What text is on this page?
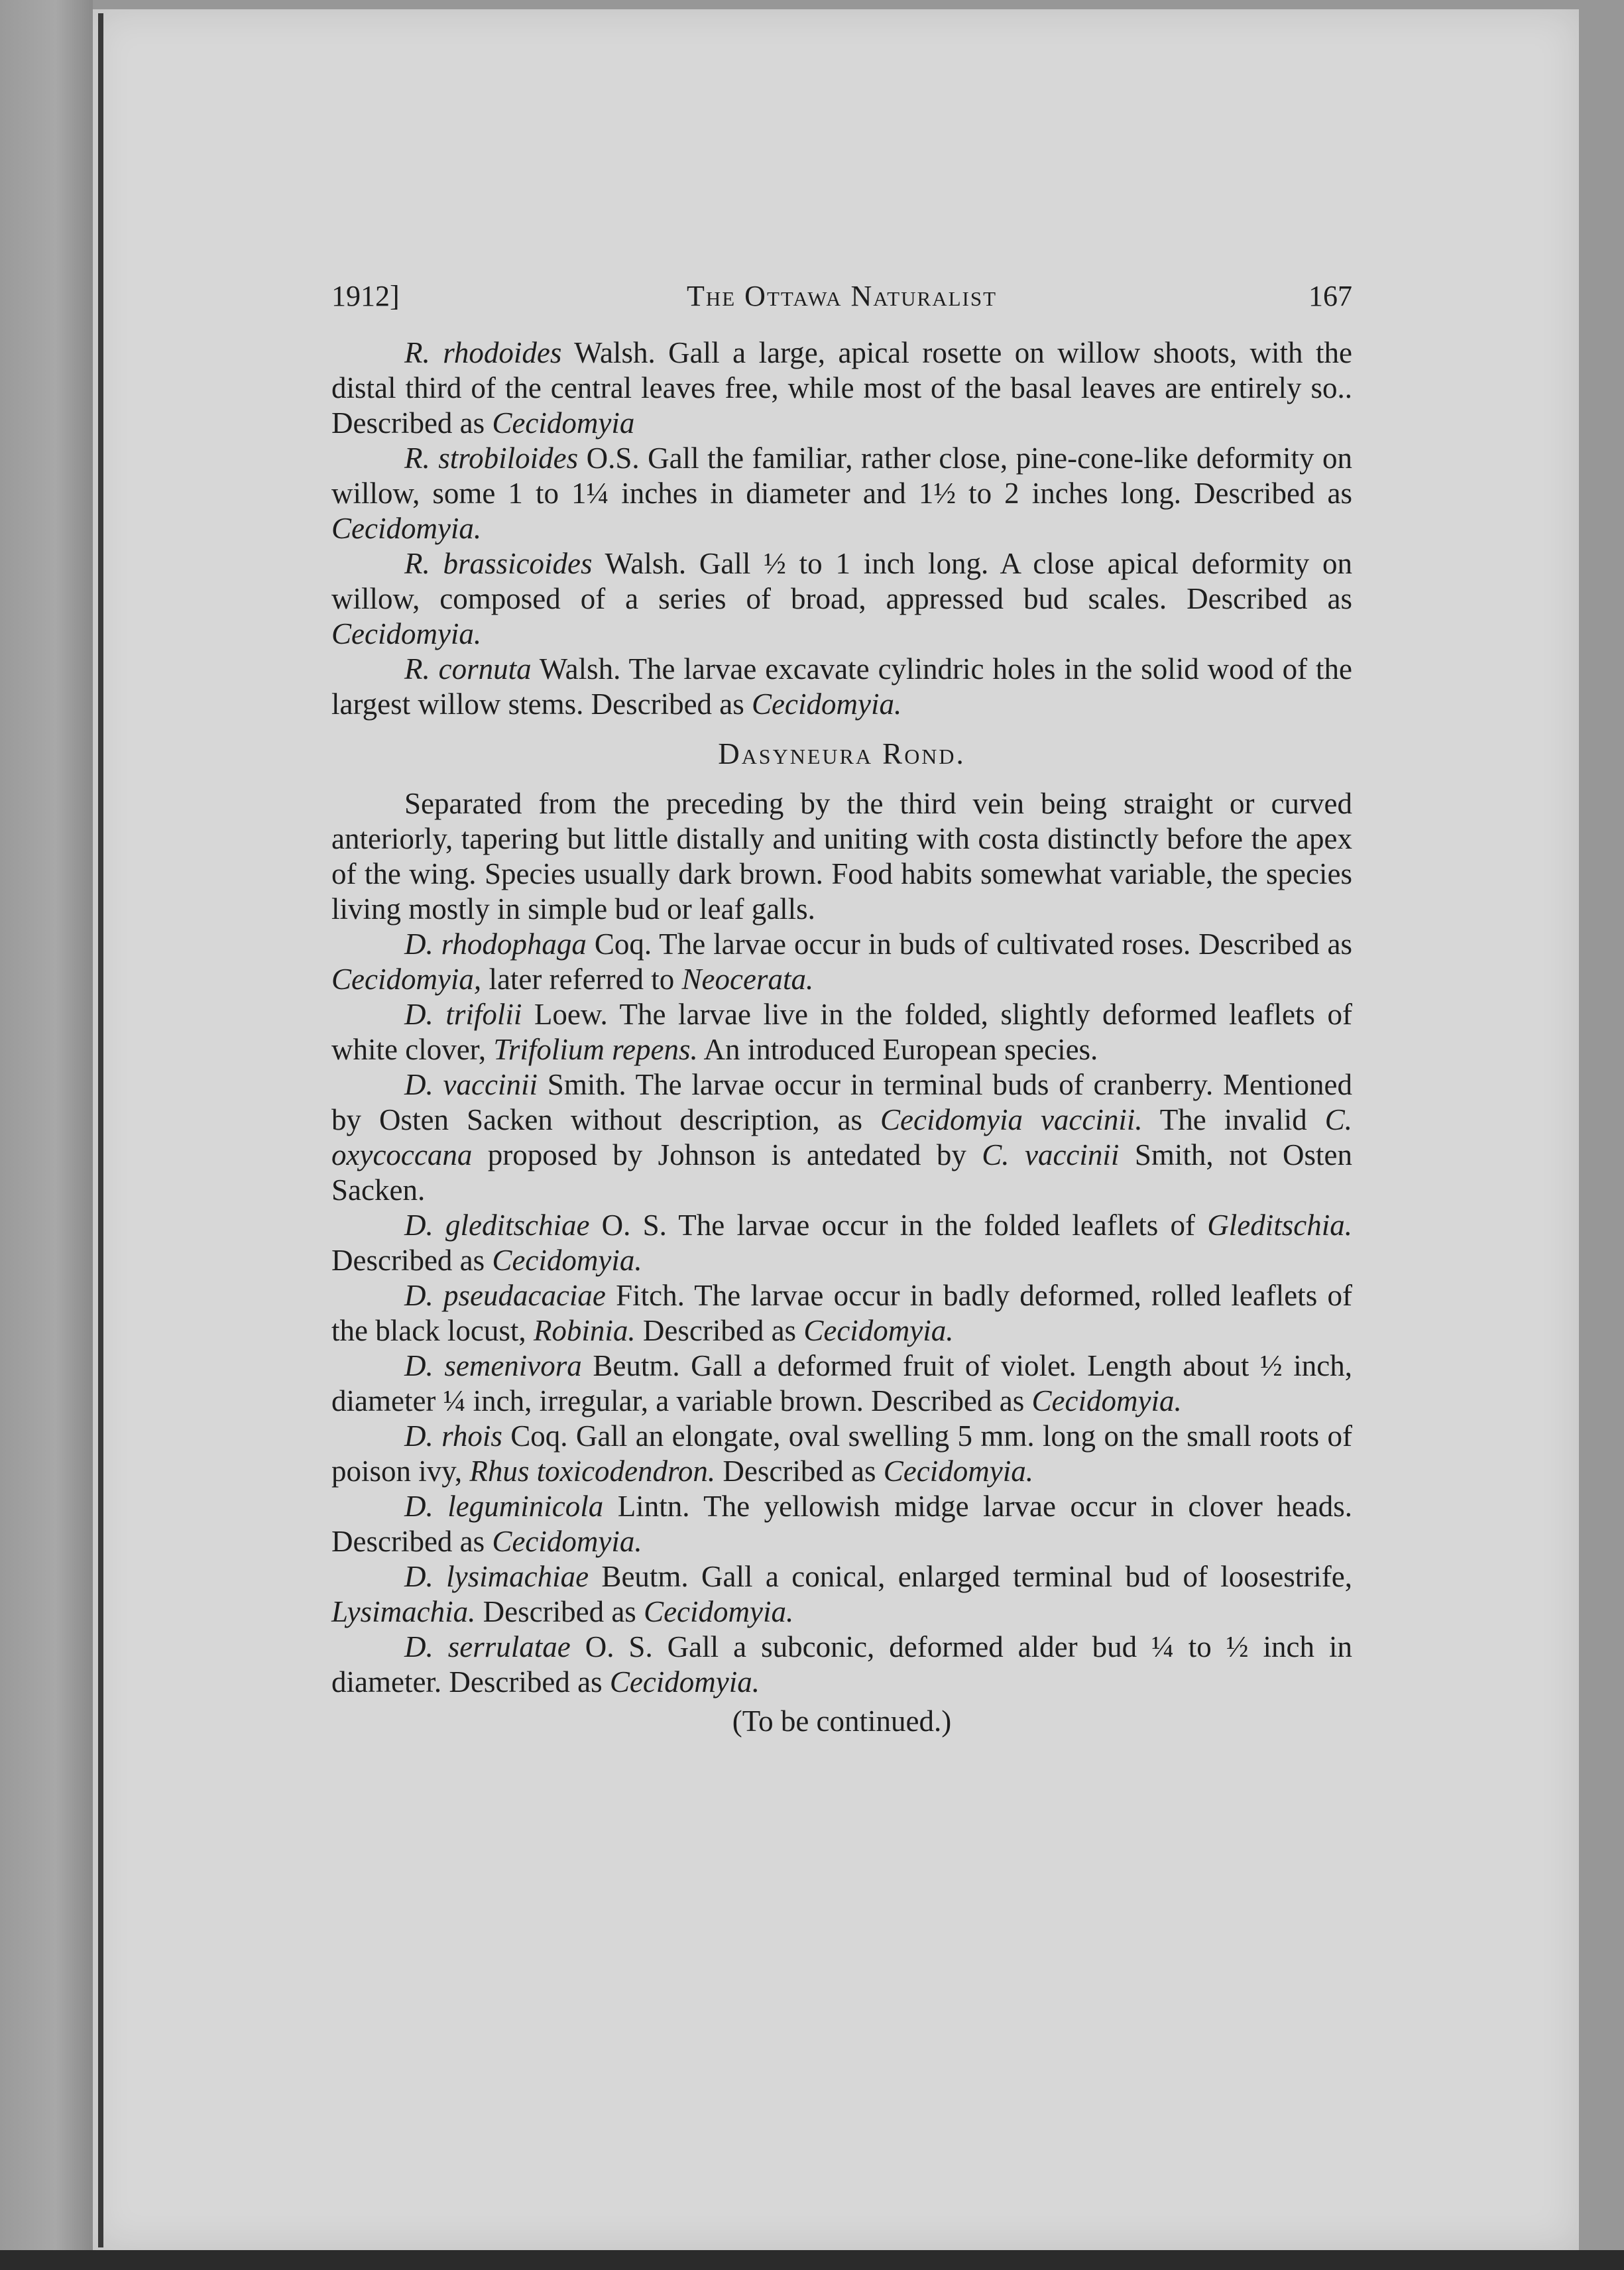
1912]	The Ottawa Naturalist	167

R. rhodoides Walsh. Gall a large, apical rosette on willow shoots, with the distal third of the central leaves free, while most of the basal leaves are entirely so.. Described as Cecidomyia

R. strobiloides O.S. Gall the familiar, rather close, pine-cone-like deformity on willow, some 1 to 1¼ inches in diameter and 1½ to 2 inches long. Described as Cecidomyia.

R. brassicoides Walsh. Gall ½ to 1 inch long. A close apical deformity on willow, composed of a series of broad, appressed bud scales. Described as Cecidomyia.

R. cornuta Walsh. The larvae excavate cylindric holes in the solid wood of the largest willow stems. Described as Cecidomyia.

Dasyneura Rond.

Separated from the preceding by the third vein being straight or curved anteriorly, tapering but little distally and uniting with costa distinctly before the apex of the wing. Species usually dark brown. Food habits somewhat variable, the species living mostly in simple bud or leaf galls.

D. rhodophaga Coq. The larvae occur in buds of cultivated roses. Described as Cecidomyia, later referred to Neocerata.

D. trifolii Loew. The larvae live in the folded, slightly deformed leaflets of white clover, Trifolium repens. An introduced European species.

D. vaccinii Smith. The larvae occur in terminal buds of cranberry. Mentioned by Osten Sacken without description, as Cecidomyia vaccinii. The invalid C. oxycoccana proposed by Johnson is antedated by C. vaccinii Smith, not Osten Sacken.

D. gleditschiae O. S. The larvae occur in the folded leaflets of Gleditschia. Described as Cecidomyia.

D. pseudacaciae Fitch. The larvae occur in badly deformed, rolled leaflets of the black locust, Robinia. Described as Cecidomyia.

D. semenivora Beutm. Gall a deformed fruit of violet. Length about ½ inch, diameter ¼ inch, irregular, a variable brown. Described as Cecidomyia.

D. rhois Coq. Gall an elongate, oval swelling 5 mm. long on the small roots of poison ivy, Rhus toxicodendron. Described as Cecidomyia.

D. leguminicola Lintn. The yellowish midge larvae occur in clover heads. Described as Cecidomyia.

D. lysimachiae Beutm. Gall a conical, enlarged terminal bud of loosestrife, Lysimachia. Described as Cecidomyia.

D. serrulatae O. S. Gall a subconic, deformed alder bud ¼ to ½ inch in diameter. Described as Cecidomyia.

(To be continued.)
